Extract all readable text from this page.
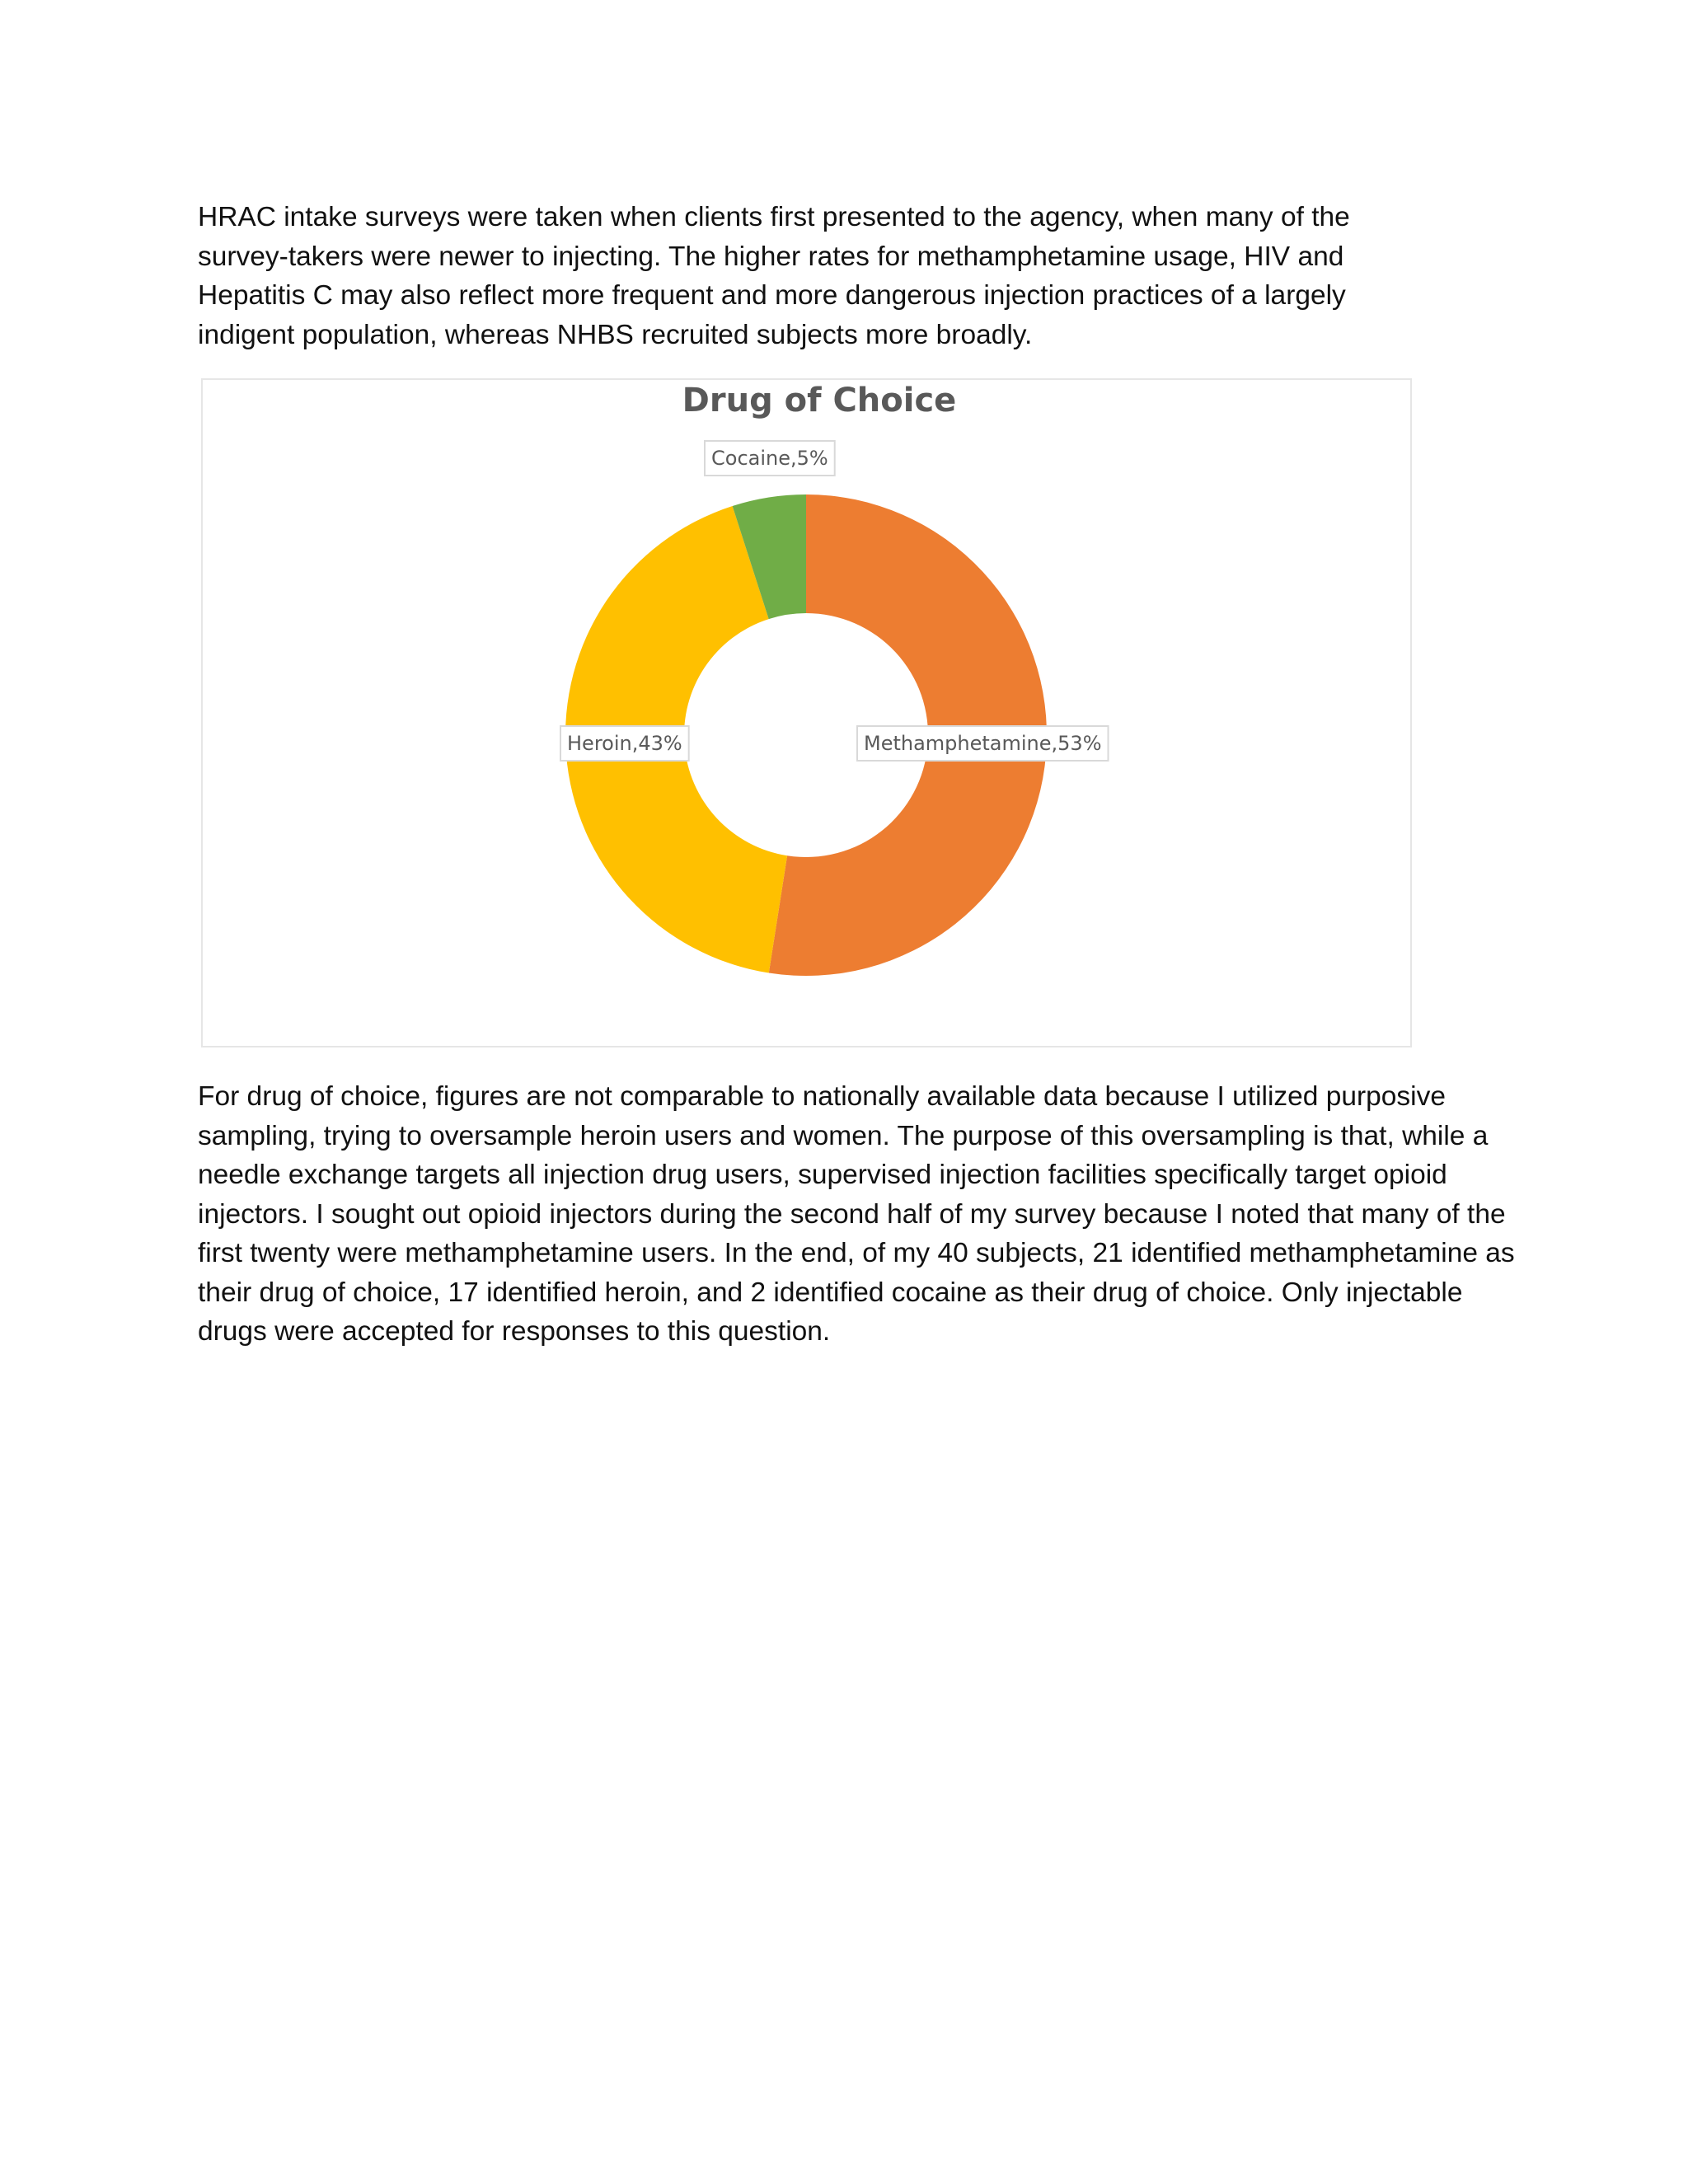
HRAC intake surveys were taken when clients first presented to the agency, when many of the survey-takers were newer to injecting. The higher rates for methamphetamine usage, HIV and Hepatitis C may also reflect more frequent and more dangerous injection practices of a largely indigent population, whereas NHBS recruited subjects more broadly.

Drug of Choice
Methamphetamine,53%
Heroin,43%
Cocaine,5%

For drug of choice, figures are not comparable to nationally available data because I utilized purposive sampling, trying to oversample heroin users and women. The purpose of this oversampling is that, while a needle exchange targets all injection drug users, supervised injection facilities specifically target opioid injectors. I sought out opioid injectors during the second half of my survey because I noted that many of the first twenty were methamphetamine users. In the end, of my 40 subjects, 21 identified methamphetamine as their drug of choice, 17 identified heroin, and 2 identified cocaine as their drug of choice. Only injectable drugs were accepted for responses to this question.
